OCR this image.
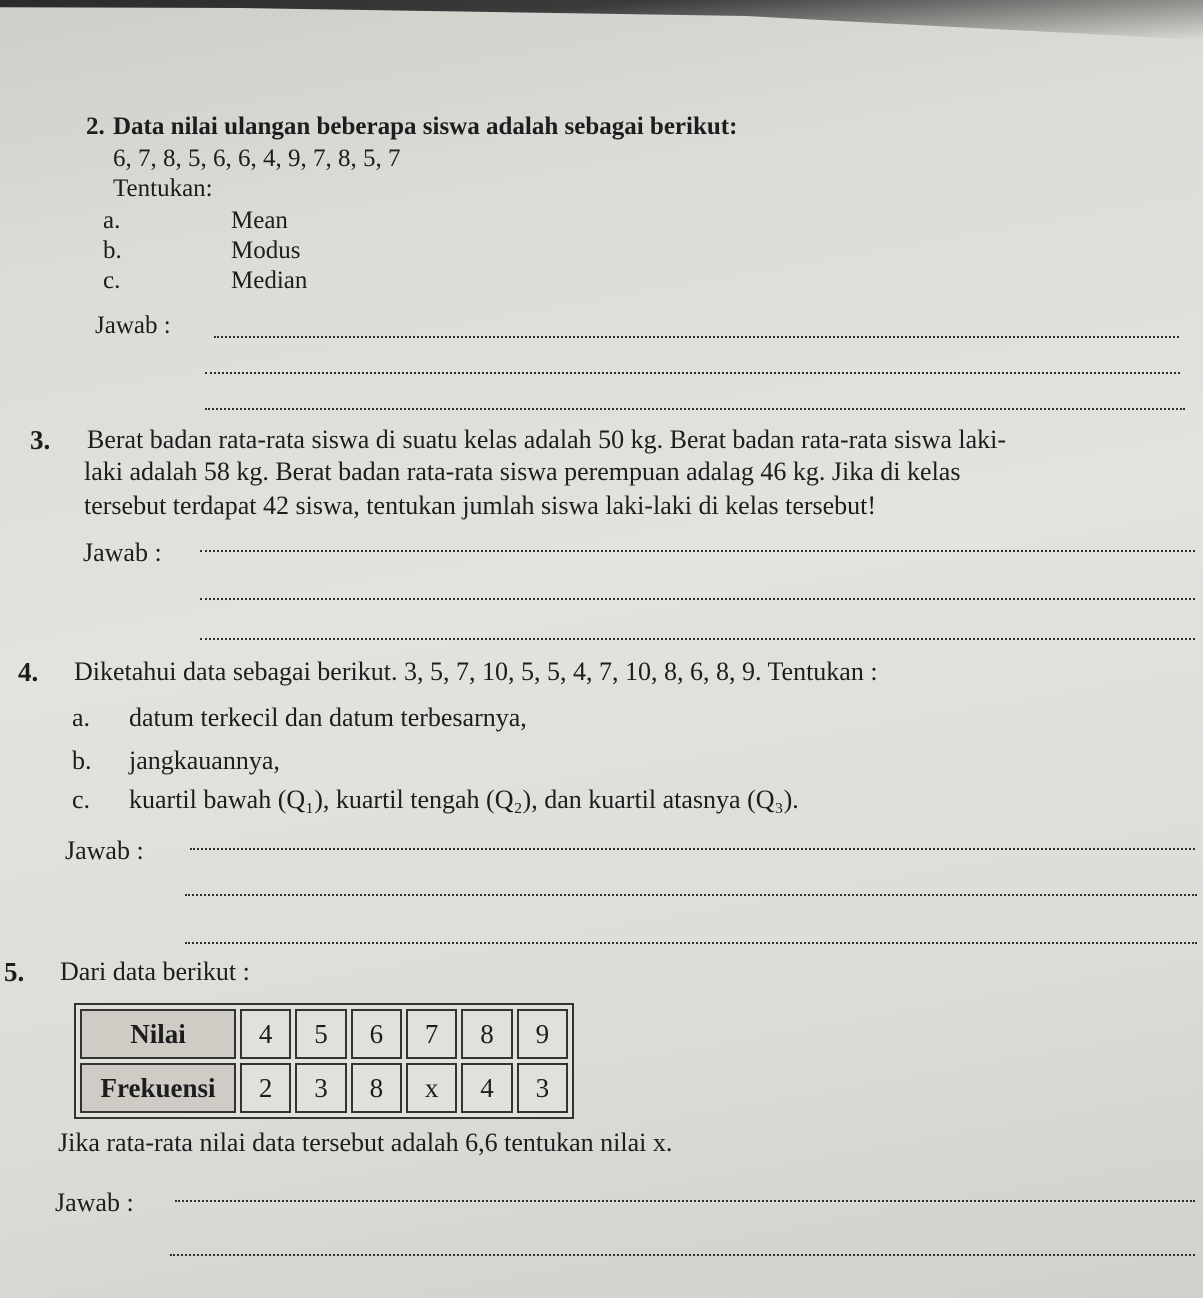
2. Data nilai ulangan beberapa siswa adalah sebagai berikut:
6, 7, 8, 5, 6, 6, 4, 9, 7, 8, 5, 7
Tentukan:
a.	Mean
b.	Modus
c.	Median
Jawab :
3. Berat badan rata-rata siswa di suatu kelas adalah 50 kg. Berat badan rata-rata siswa laki-
laki adalah 58 kg. Berat badan rata-rata siswa perempuan adalag 46 kg. Jika di kelas
tersebut terdapat 42 siswa, tentukan jumlah siswa laki-laki di kelas tersebut!
Jawab :
4. Diketahui data sebagai berikut. 3, 5, 7, 10, 5, 5, 4, 7, 10, 8, 6, 8, 9. Tentukan :
a. datum terkecil dan datum terbesarnya,
b. jangkauannya,
c. kuartil bawah (Q₁), kuartil tengah (Q₂), dan kuartil atasnya (Q₃).
Jawab :
5. Dari data berikut :
Nilai	4	5	6	7	8	9
Frekuensi	2	3	8	x	4	3
Jika rata-rata nilai data tersebut adalah 6,6 tentukan nilai x.
Jawab :
